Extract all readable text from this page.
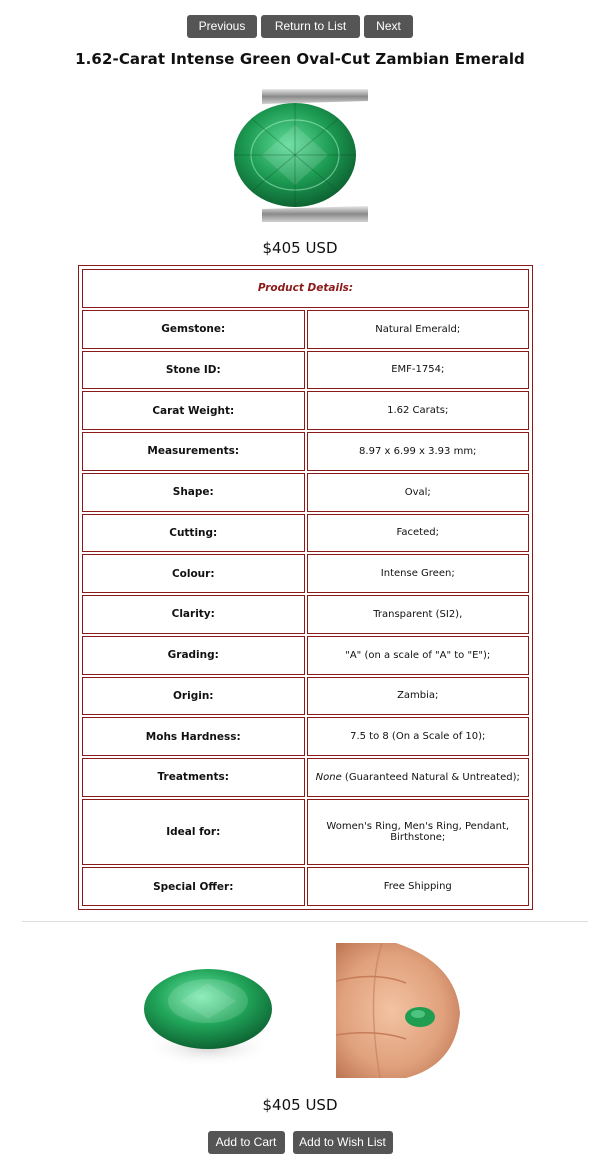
Previous Return to List Next
1.62-Carat Intense Green Oval-Cut Zambian Emerald
$405 USD
Product Details:	
Gemstone:	Natural Emerald;
Stone ID:	EMF-1754;
Carat Weight:	1.62 Carats;
Measurements:	8.97 x 6.99 x 3.93 mm;
Shape:	Oval;
Cutting:	Faceted;
Colour:	Intense Green;
Clarity:	Transparent (SI2),
Grading:	"A" (on a scale of "A" to "E");
Origin:	Zambia;
Mohs Hardness:	7.5 to 8 (On a Scale of 10);
Treatments:	None (Guaranteed Natural & Untreated);
Ideal for:	Women's Ring, Men's Ring, Pendant, Birthstone;
Special Offer:	Free Shipping
$405 USD
Add to Cart Add to Wish List
